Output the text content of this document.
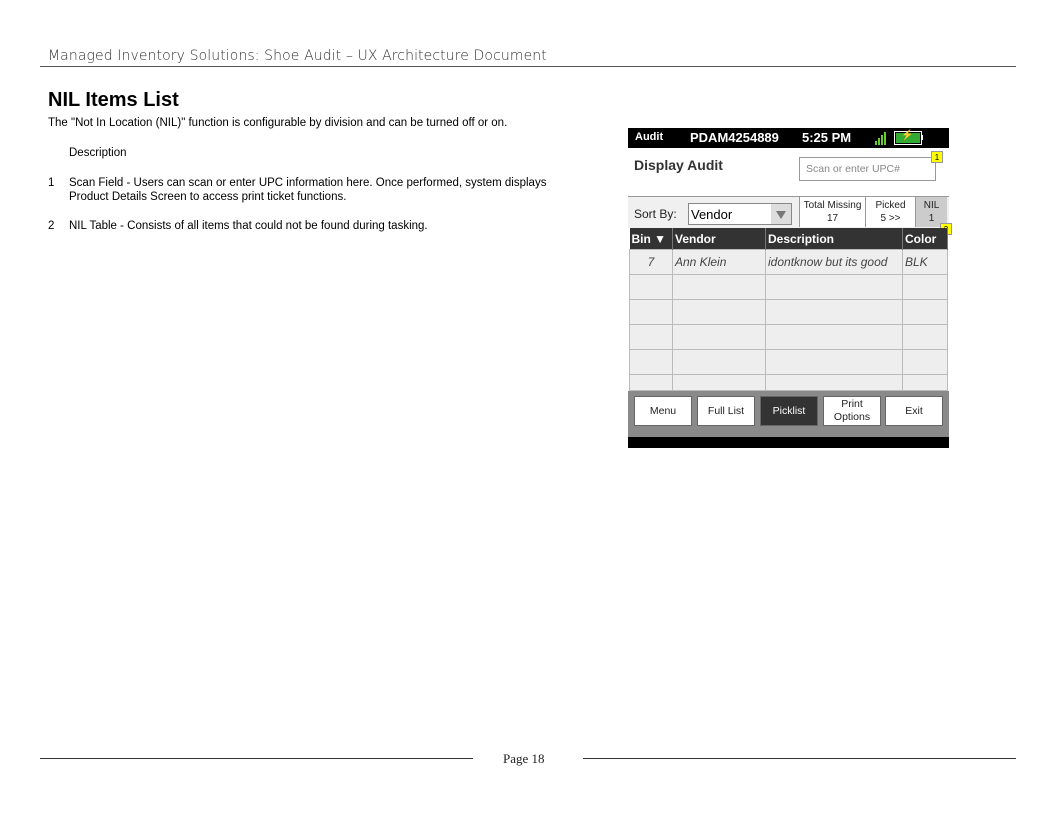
Managed Inventory Solutions: Shoe Audit – UX Architecture Document
NIL Items List
The "Not In Location (NIL)" function is configurable by division and can be turned off or on.
Description
1 Scan Field - Users can scan or enter UPC information here. Once performed, system displays Product Details Screen to access print ticket functions.
2 NIL Table - Consists of all items that could not be found during tasking.
Audit PDAM4254889 5:25 PM	⚡
Display Audit	Scan or enter UPC#
1
Sort By: Vendor
Total Missing
17
Picked
5 >>
NIL
1
Bin ▼	Vendor	Description	Color
7	Ann Klein	idontknow but its good	BLK

Menu	Full List	Picklist
Print Options
Exit
Page 18
